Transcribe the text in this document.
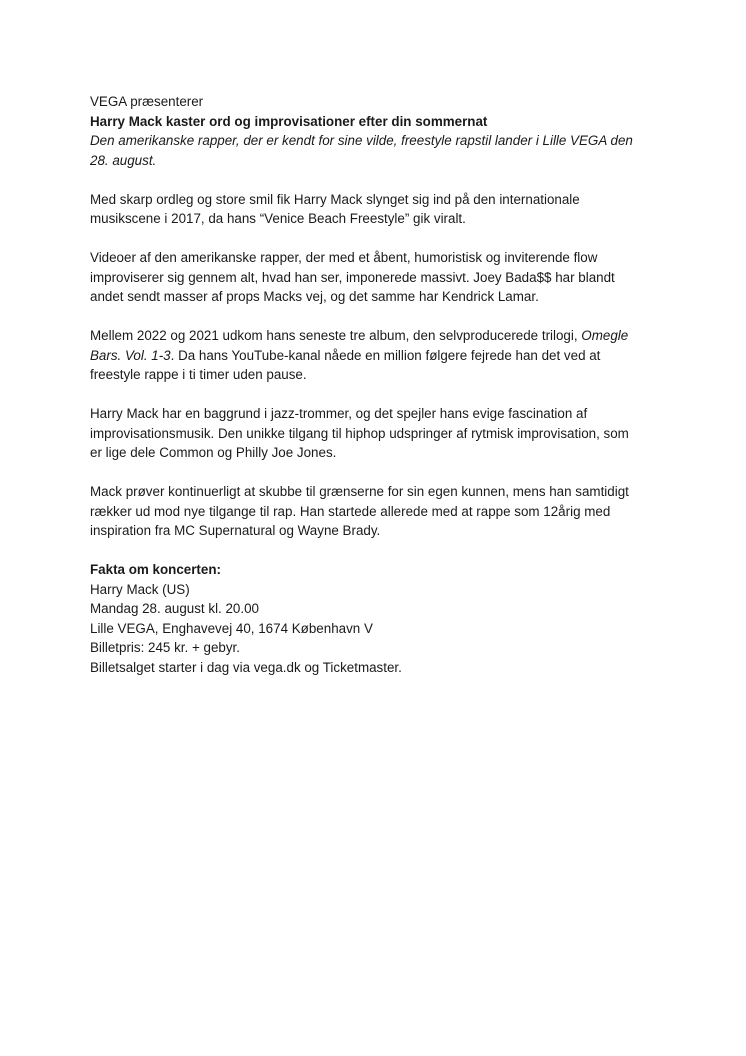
VEGA præsenterer
Harry Mack kaster ord og improvisationer efter din sommernat
Den amerikanske rapper, der er kendt for sine vilde, freestyle rapstil lander i Lille VEGA den
28. august.

Med skarp ordleg og store smil fik Harry Mack slynget sig ind på den internationale
musikscene i 2017, da hans “Venice Beach Freestyle” gik viralt.

Videoer af den amerikanske rapper, der med et åbent, humoristisk og inviterende flow
improviserer sig gennem alt, hvad han ser, imponerede massivt. Joey Bada$$ har blandt
andet sendt masser af props Macks vej, og det samme har Kendrick Lamar.

Mellem 2022 og 2021 udkom hans seneste tre album, den selvproducerede trilogi, Omegle
Bars. Vol. 1-3. Da hans YouTube-kanal nåede en million følgere fejrede han det ved at
freestyle rappe i ti timer uden pause.

Harry Mack har en baggrund i jazz-trommer, og det spejler hans evige fascination af
improvisationsmusik. Den unikke tilgang til hiphop udspringer af rytmisk improvisation, som
er lige dele Common og Philly Joe Jones.

Mack prøver kontinuerligt at skubbe til grænserne for sin egen kunnen, mens han samtidigt
rækker ud mod nye tilgange til rap. Han startede allerede med at rappe som 12årig med
inspiration fra MC Supernatural og Wayne Brady.

Fakta om koncerten:
Harry Mack (US)
Mandag 28. august kl. 20.00
Lille VEGA, Enghavevej 40, 1674 København V
Billetpris: 245 kr. + gebyr.
Billetsalget starter i dag via vega.dk og Ticketmaster.
